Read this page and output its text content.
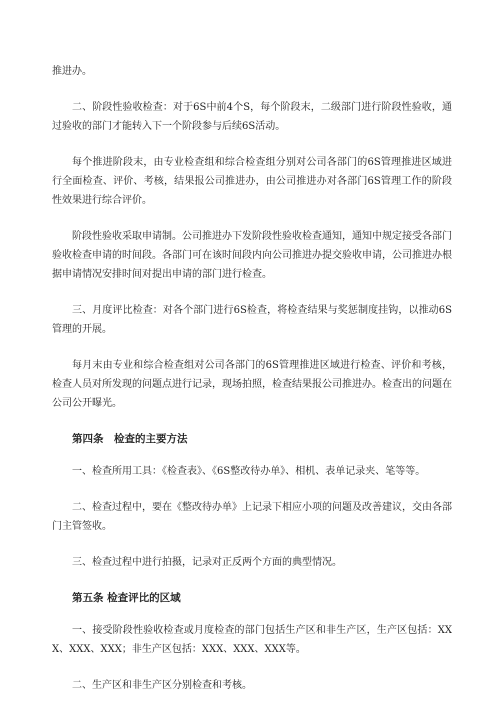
推进办。

二、阶段性验收检查：对于6S中前4个S，每个阶段末，二级部门进行阶段性验收，通过验收的部门才能转入下一个阶段参与后续6S活动。

每个推进阶段末，由专业检查组和综合检查组分别对公司各部门的6S管理推进区域进行全面检查、评价、考核，结果报公司推进办，由公司推进办对各部门6S管理工作的阶段性效果进行综合评价。

阶段性验收采取申请制。公司推进办下发阶段性验收检查通知，通知中规定接受各部门验收检查申请的时间段。各部门可在该时间段内向公司推进办提交验收申请，公司推进办根据申请情况安排时间对提出申请的部门进行检查。

三、月度评比检查：对各个部门进行6S检查，将检查结果与奖惩制度挂钩，以推动6S管理的开展。

每月末由专业和综合检查组对公司各部门的6S管理推进区域进行检查、评价和考核，检查人员对所发现的问题点进行记录，现场拍照，检查结果报公司推进办。检查出的问题在公司公开曝光。

第四条　检查的主要方法

一、检查所用工具：《检查表》、《6S整改待办单》、相机、表单记录夹、笔等等。

二、检查过程中，要在《整改待办单》上记录下相应小项的问题及改善建议，交由各部门主管签收。

三、检查过程中进行拍摄，记录对正反两个方面的典型情况。

第五条 检查评比的区域

一、接受阶段性验收检查或月度检查的部门包括生产区和非生产区，生产区包括：XXX、XXX、XXX；非生产区包括：XXX、XXX、XXX等。

二、生产区和非生产区分别检查和考核。
